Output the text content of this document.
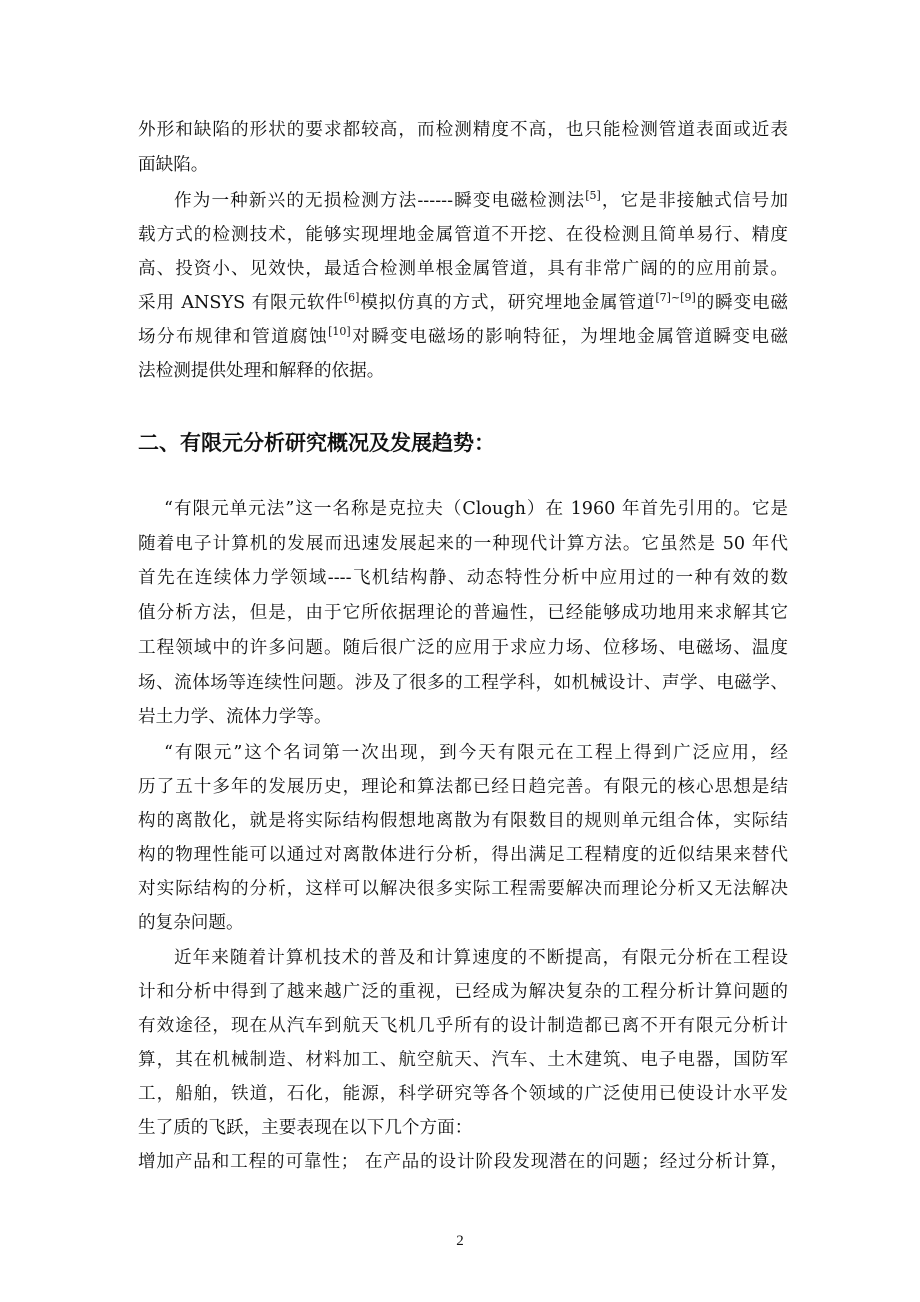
外形和缺陷的形状的要求都较高，而检测精度不高，也只能检测管道表面或近表
面缺陷。
作为一种新兴的无损检测方法------瞬变电磁检测法[5]，它是非接触式信号加
载方式的检测技术，能够实现埋地金属管道不开挖、在役检测且简单易行、精度
高、投资小、见效快，最适合检测单根金属管道，具有非常广阔的的应用前景。
采用 ANSYS 有限元软件[6]模拟仿真的方式，研究埋地金属管道[7]~[9]的瞬变电磁
场分布规律和管道腐蚀[10]对瞬变电磁场的影响特征，为埋地金属管道瞬变电磁
法检测提供处理和解释的依据。
二、有限元分析研究概况及发展趋势：
“有限元单元法”这一名称是克拉夫（Clough）在 1960 年首先引用的。它是
随着电子计算机的发展而迅速发展起来的一种现代计算方法。它虽然是 50 年代
首先在连续体力学领域----飞机结构静、动态特性分析中应用过的一种有效的数
值分析方法，但是，由于它所依据理论的普遍性，已经能够成功地用来求解其它
工程领域中的许多问题。随后很广泛的应用于求应力场、位移场、电磁场、温度
场、流体场等连续性问题。涉及了很多的工程学科，如机械设计、声学、电磁学、
岩土力学、流体力学等。
“有限元”这个名词第一次出现，到今天有限元在工程上得到广泛应用，经
历了五十多年的发展历史，理论和算法都已经日趋完善。有限元的核心思想是结
构的离散化，就是将实际结构假想地离散为有限数目的规则单元组合体，实际结
构的物理性能可以通过对离散体进行分析，得出满足工程精度的近似结果来替代
对实际结构的分析，这样可以解决很多实际工程需要解决而理论分析又无法解决
的复杂问题。
近年来随着计算机技术的普及和计算速度的不断提高，有限元分析在工程设
计和分析中得到了越来越广泛的重视，已经成为解决复杂的工程分析计算问题的
有效途径，现在从汽车到航天飞机几乎所有的设计制造都已离不开有限元分析计
算，其在机械制造、材料加工、航空航天、汽车、土木建筑、电子电器，国防军
工，船舶，铁道，石化，能源，科学研究等各个领域的广泛使用已使设计水平发
生了质的飞跃，主要表现在以下几个方面：
增加产品和工程的可靠性； 在产品的设计阶段发现潜在的问题；经过分析计算，
2
